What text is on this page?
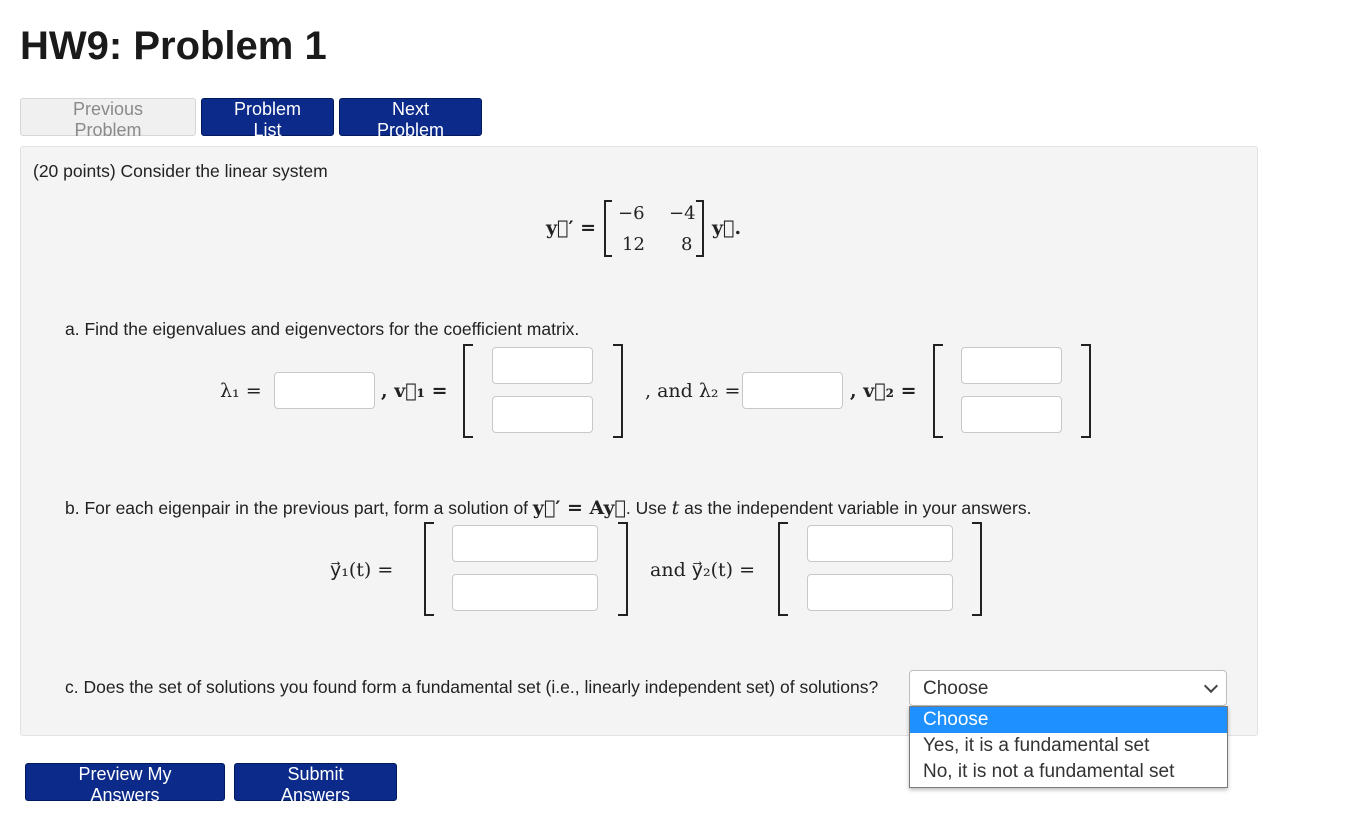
HW9: Problem 1
Previous Problem
Problem List
Next Problem
(20 points) Consider the linear system
y⃗′ =
−6 −4
12 8
y⃗.
a. Find the eigenvalues and eigenvectors for the coefficient matrix.
λ₁ =	, v⃗₁ =	, and λ₂ =	, v⃗₂ =
b. For each eigenpair in the previous part, form a solution of y⃗′ = Ay⃗. Use t as the independent variable in your answers.
y⃗₁(t) =	and y⃗₂(t) =
c. Does the set of solutions you found form a fundamental set (i.e., linearly independent set) of solutions? Choose
Choose
Yes, it is a fundamental set
No, it is not a fundamental set
Preview My Answers
Submit Answers
